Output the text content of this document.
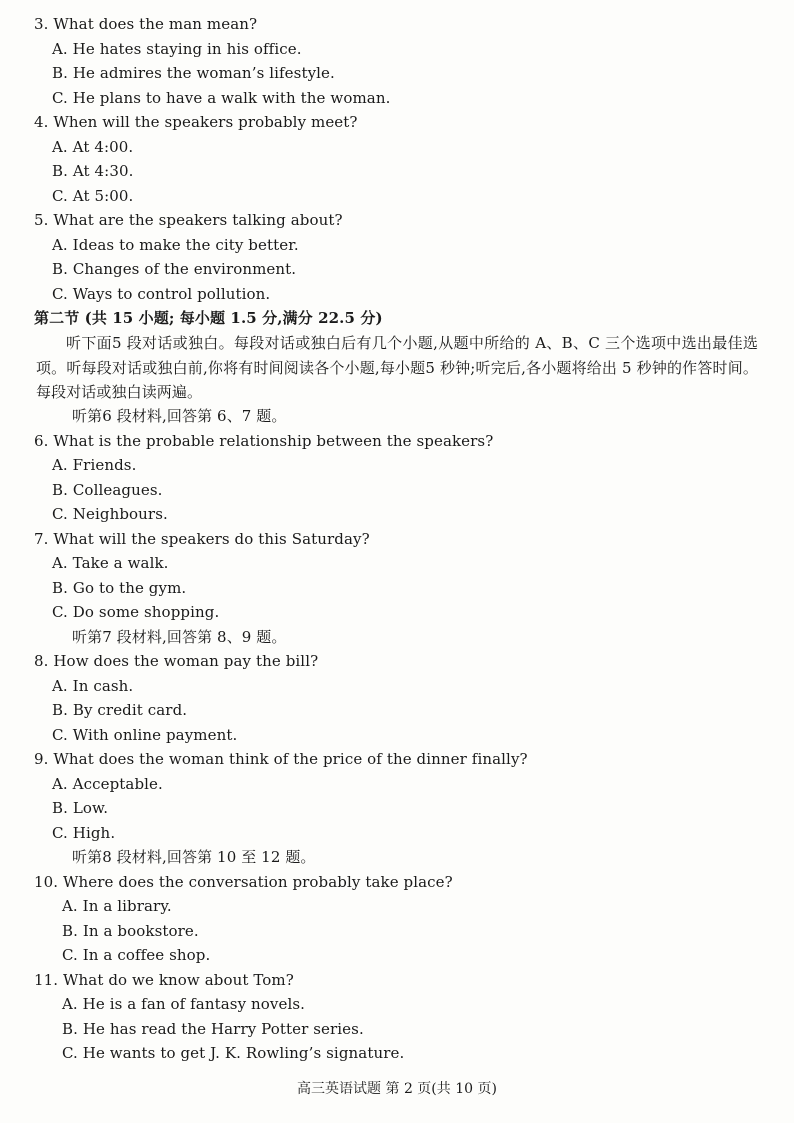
3. What does the man mean?
A. He hates staying in his office.
B. He admires the woman’s lifestyle.
C. He plans to have a walk with the woman.
4. When will the speakers probably meet?
A. At 4:00.
B. At 4:30.
C. At 5:00.
5. What are the speakers talking about?
A. Ideas to make the city better.
B. Changes of the environment.
C. Ways to control pollution.
第二节 (共 15 小题; 每小题 1.5 分,满分 22.5 分)
听下面5 段对话或独白。每段对话或独白后有几个小题,从题中所给的 A、B、C 三个选项中选出最佳选项。听每段对话或独白前,你将有时间阅读各个小题,每小题5 秒钟;听完后,各小题将给出 5 秒钟的作答时间。每段对话或独白读两遍。
听第6 段材料,回答第 6、7 题。
6. What is the probable relationship between the speakers?
A. Friends.
B. Colleagues.
C. Neighbours.
7. What will the speakers do this Saturday?
A. Take a walk.
B. Go to the gym.
C. Do some shopping.
听第7 段材料,回答第 8、9 题。
8. How does the woman pay the bill?
A. In cash.
B. By credit card.
C. With online payment.
9. What does the woman think of the price of the dinner finally?
A. Acceptable.
B. Low.
C. High.
听第8 段材料,回答第 10 至 12 题。
10. Where does the conversation probably take place?
A. In a library.
B. In a bookstore.
C. In a coffee shop.
11. What do we know about Tom?
A. He is a fan of fantasy novels.
B. He has read the Harry Potter series.
C. He wants to get J. K. Rowling’s signature.
高三英语试题 第 2 页(共 10 页)
